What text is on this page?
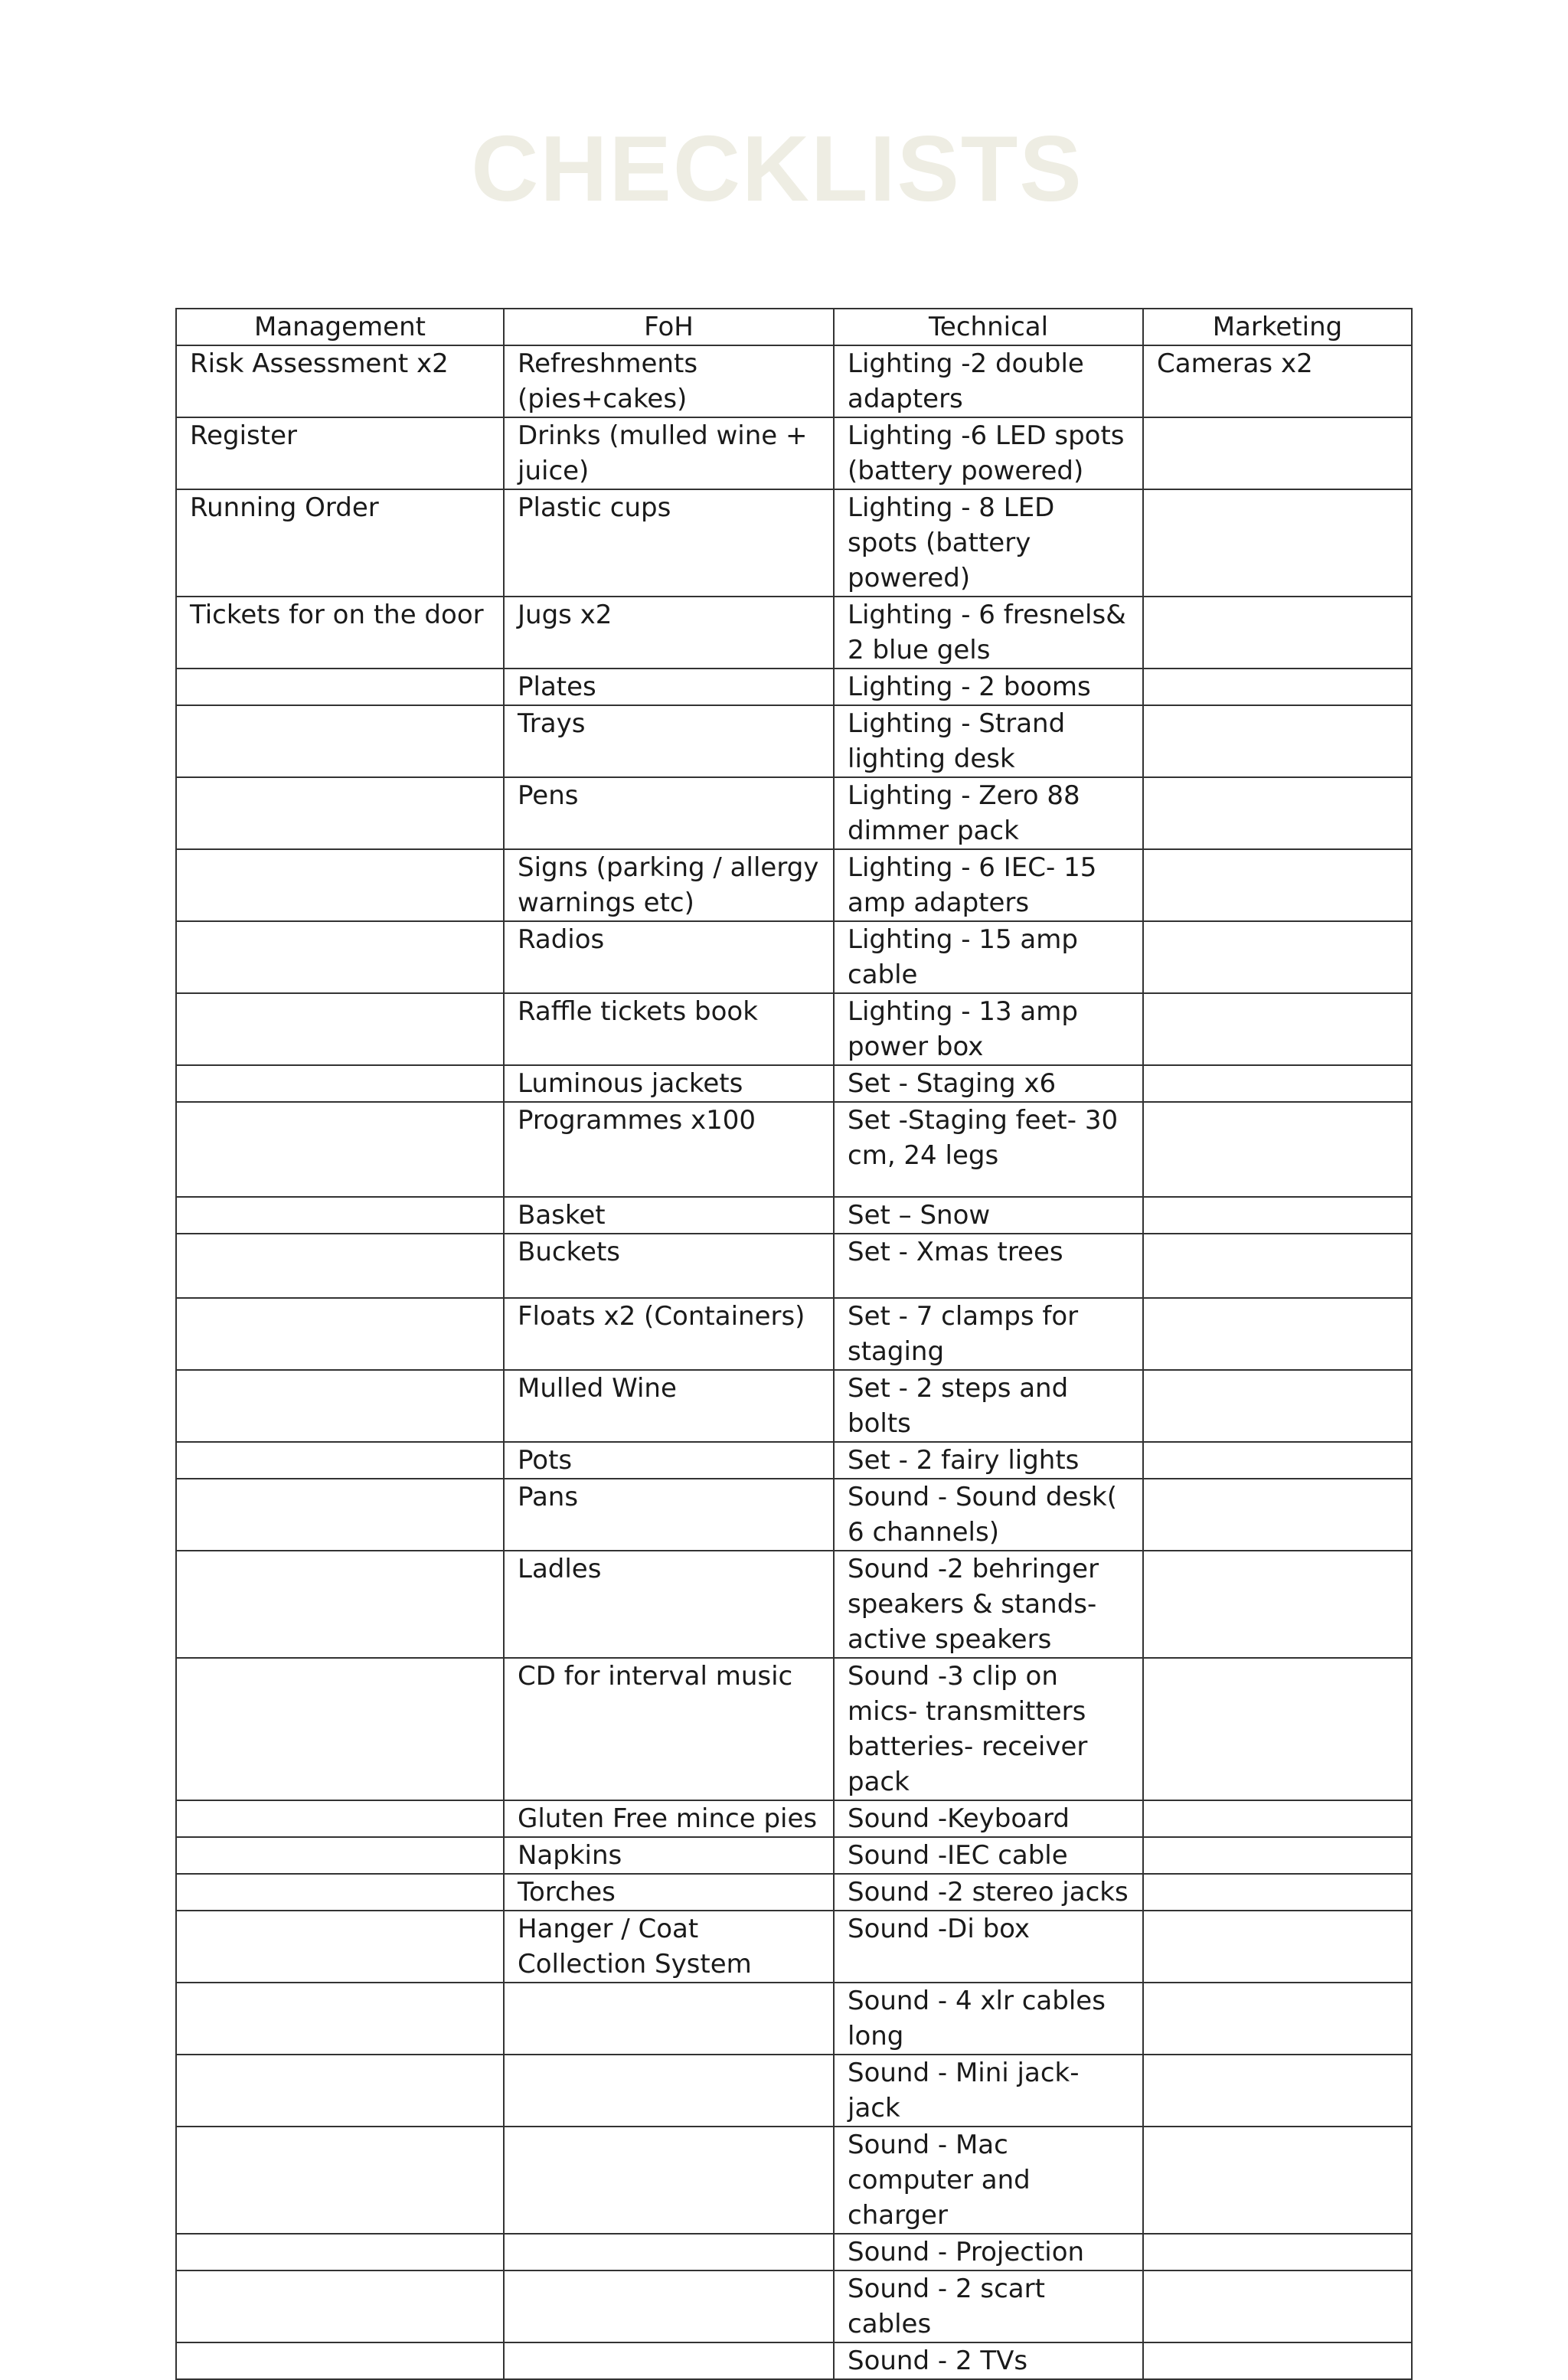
CHECKLISTS
Management	FoH	Technical	Marketing
Risk Assessment x2	Refreshments (pies+cakes)	Lighting -2 double adapters	Cameras x2
Register	Drinks (mulled wine + juice)	Lighting -6 LED spots (battery powered)	
Running Order	Plastic cups	Lighting - 8 LED spots (battery powered)	
Tickets for on the door	Jugs x2	Lighting - 6 fresnels& 2 blue gels	
	Plates	Lighting - 2 booms	
	Trays	Lighting - Strand lighting desk	
	Pens	Lighting - Zero 88 dimmer pack	
	Signs (parking / allergy warnings etc)	Lighting - 6 IEC- 15 amp adapters	
	Radios	Lighting - 15 amp cable	
	Raffle tickets book	Lighting - 13 amp power box	
	Luminous jackets	Set - Staging x6	
	Programmes x100	Set -Staging feet- 30 cm, 24 legs	
	Basket	Set – Snow	
	Buckets	Set - Xmas trees	
	Floats x2 (Containers)	Set - 7 clamps for staging	
	Mulled Wine	Set - 2 steps and bolts	
	Pots	Set - 2 fairy lights	
	Pans	Sound - Sound desk( 6 channels)	
	Ladles	Sound -2 behringer speakers & stands- active speakers	
	CD for interval music	Sound -3 clip on mics- transmitters batteries- receiver pack	
	Gluten Free mince pies	Sound -Keyboard	
	Napkins	Sound -IEC cable	
	Torches	Sound -2 stereo jacks	
	Hanger / Coat Collection System	Sound -Di box	
		Sound - 4 xlr cables long	
		Sound - Mini jack- jack	
		Sound - Mac computer and charger	
		Sound - Projection	
		Sound - 2 scart cables	
		Sound - 2 TVs	
